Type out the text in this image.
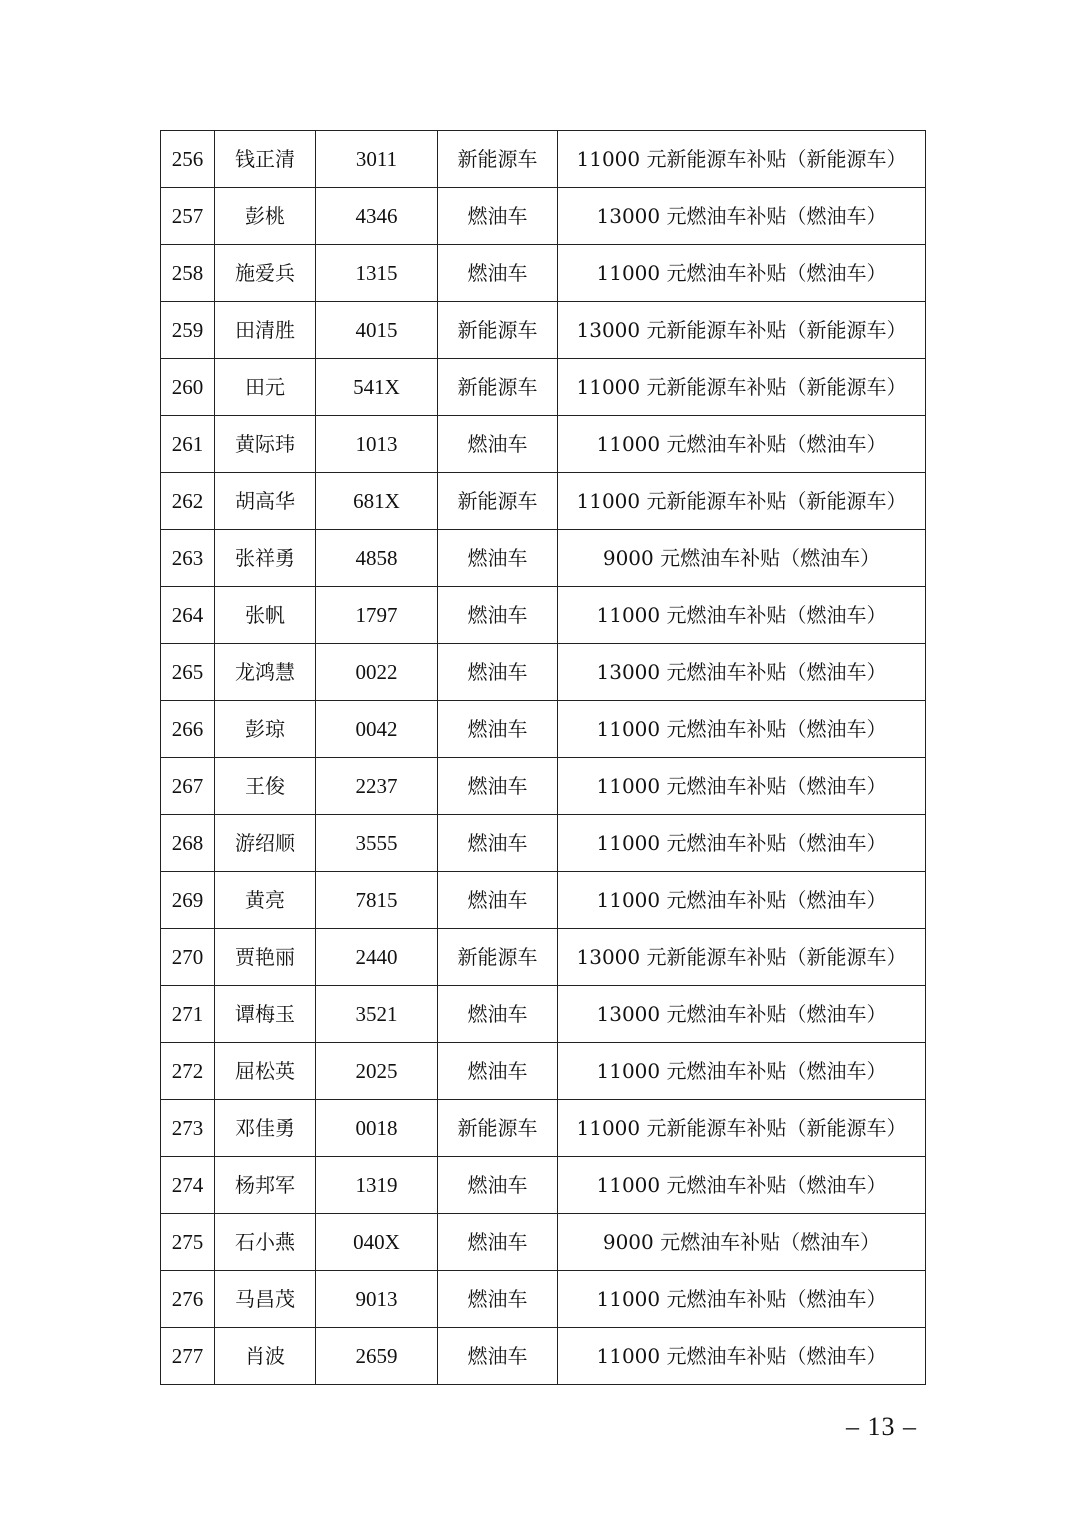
256	钱正清	3011	新能源车	11000 元新能源车补贴（新能源车）
257	彭桃	4346	燃油车	13000 元燃油车补贴（燃油车）
258	施爱兵	1315	燃油车	11000 元燃油车补贴（燃油车）
259	田清胜	4015	新能源车	13000 元新能源车补贴（新能源车）
260	田元	541X	新能源车	11000 元新能源车补贴（新能源车）
261	黄际玮	1013	燃油车	11000 元燃油车补贴（燃油车）
262	胡高华	681X	新能源车	11000 元新能源车补贴（新能源车）
263	张祥勇	4858	燃油车	9000 元燃油车补贴（燃油车）
264	张帆	1797	燃油车	11000 元燃油车补贴（燃油车）
265	龙鸿慧	0022	燃油车	13000 元燃油车补贴（燃油车）
266	彭琼	0042	燃油车	11000 元燃油车补贴（燃油车）
267	王俊	2237	燃油车	11000 元燃油车补贴（燃油车）
268	游绍顺	3555	燃油车	11000 元燃油车补贴（燃油车）
269	黄亮	7815	燃油车	11000 元燃油车补贴（燃油车）
270	贾艳丽	2440	新能源车	13000 元新能源车补贴（新能源车）
271	谭梅玉	3521	燃油车	13000 元燃油车补贴（燃油车）
272	屈松英	2025	燃油车	11000 元燃油车补贴（燃油车）
273	邓佳勇	0018	新能源车	11000 元新能源车补贴（新能源车）
274	杨邦军	1319	燃油车	11000 元燃油车补贴（燃油车）
275	石小燕	040X	燃油车	9000 元燃油车补贴（燃油车）
276	马昌茂	9013	燃油车	11000 元燃油车补贴（燃油车）
277	肖波	2659	燃油车	11000 元燃油车补贴（燃油车）
– 13 –
